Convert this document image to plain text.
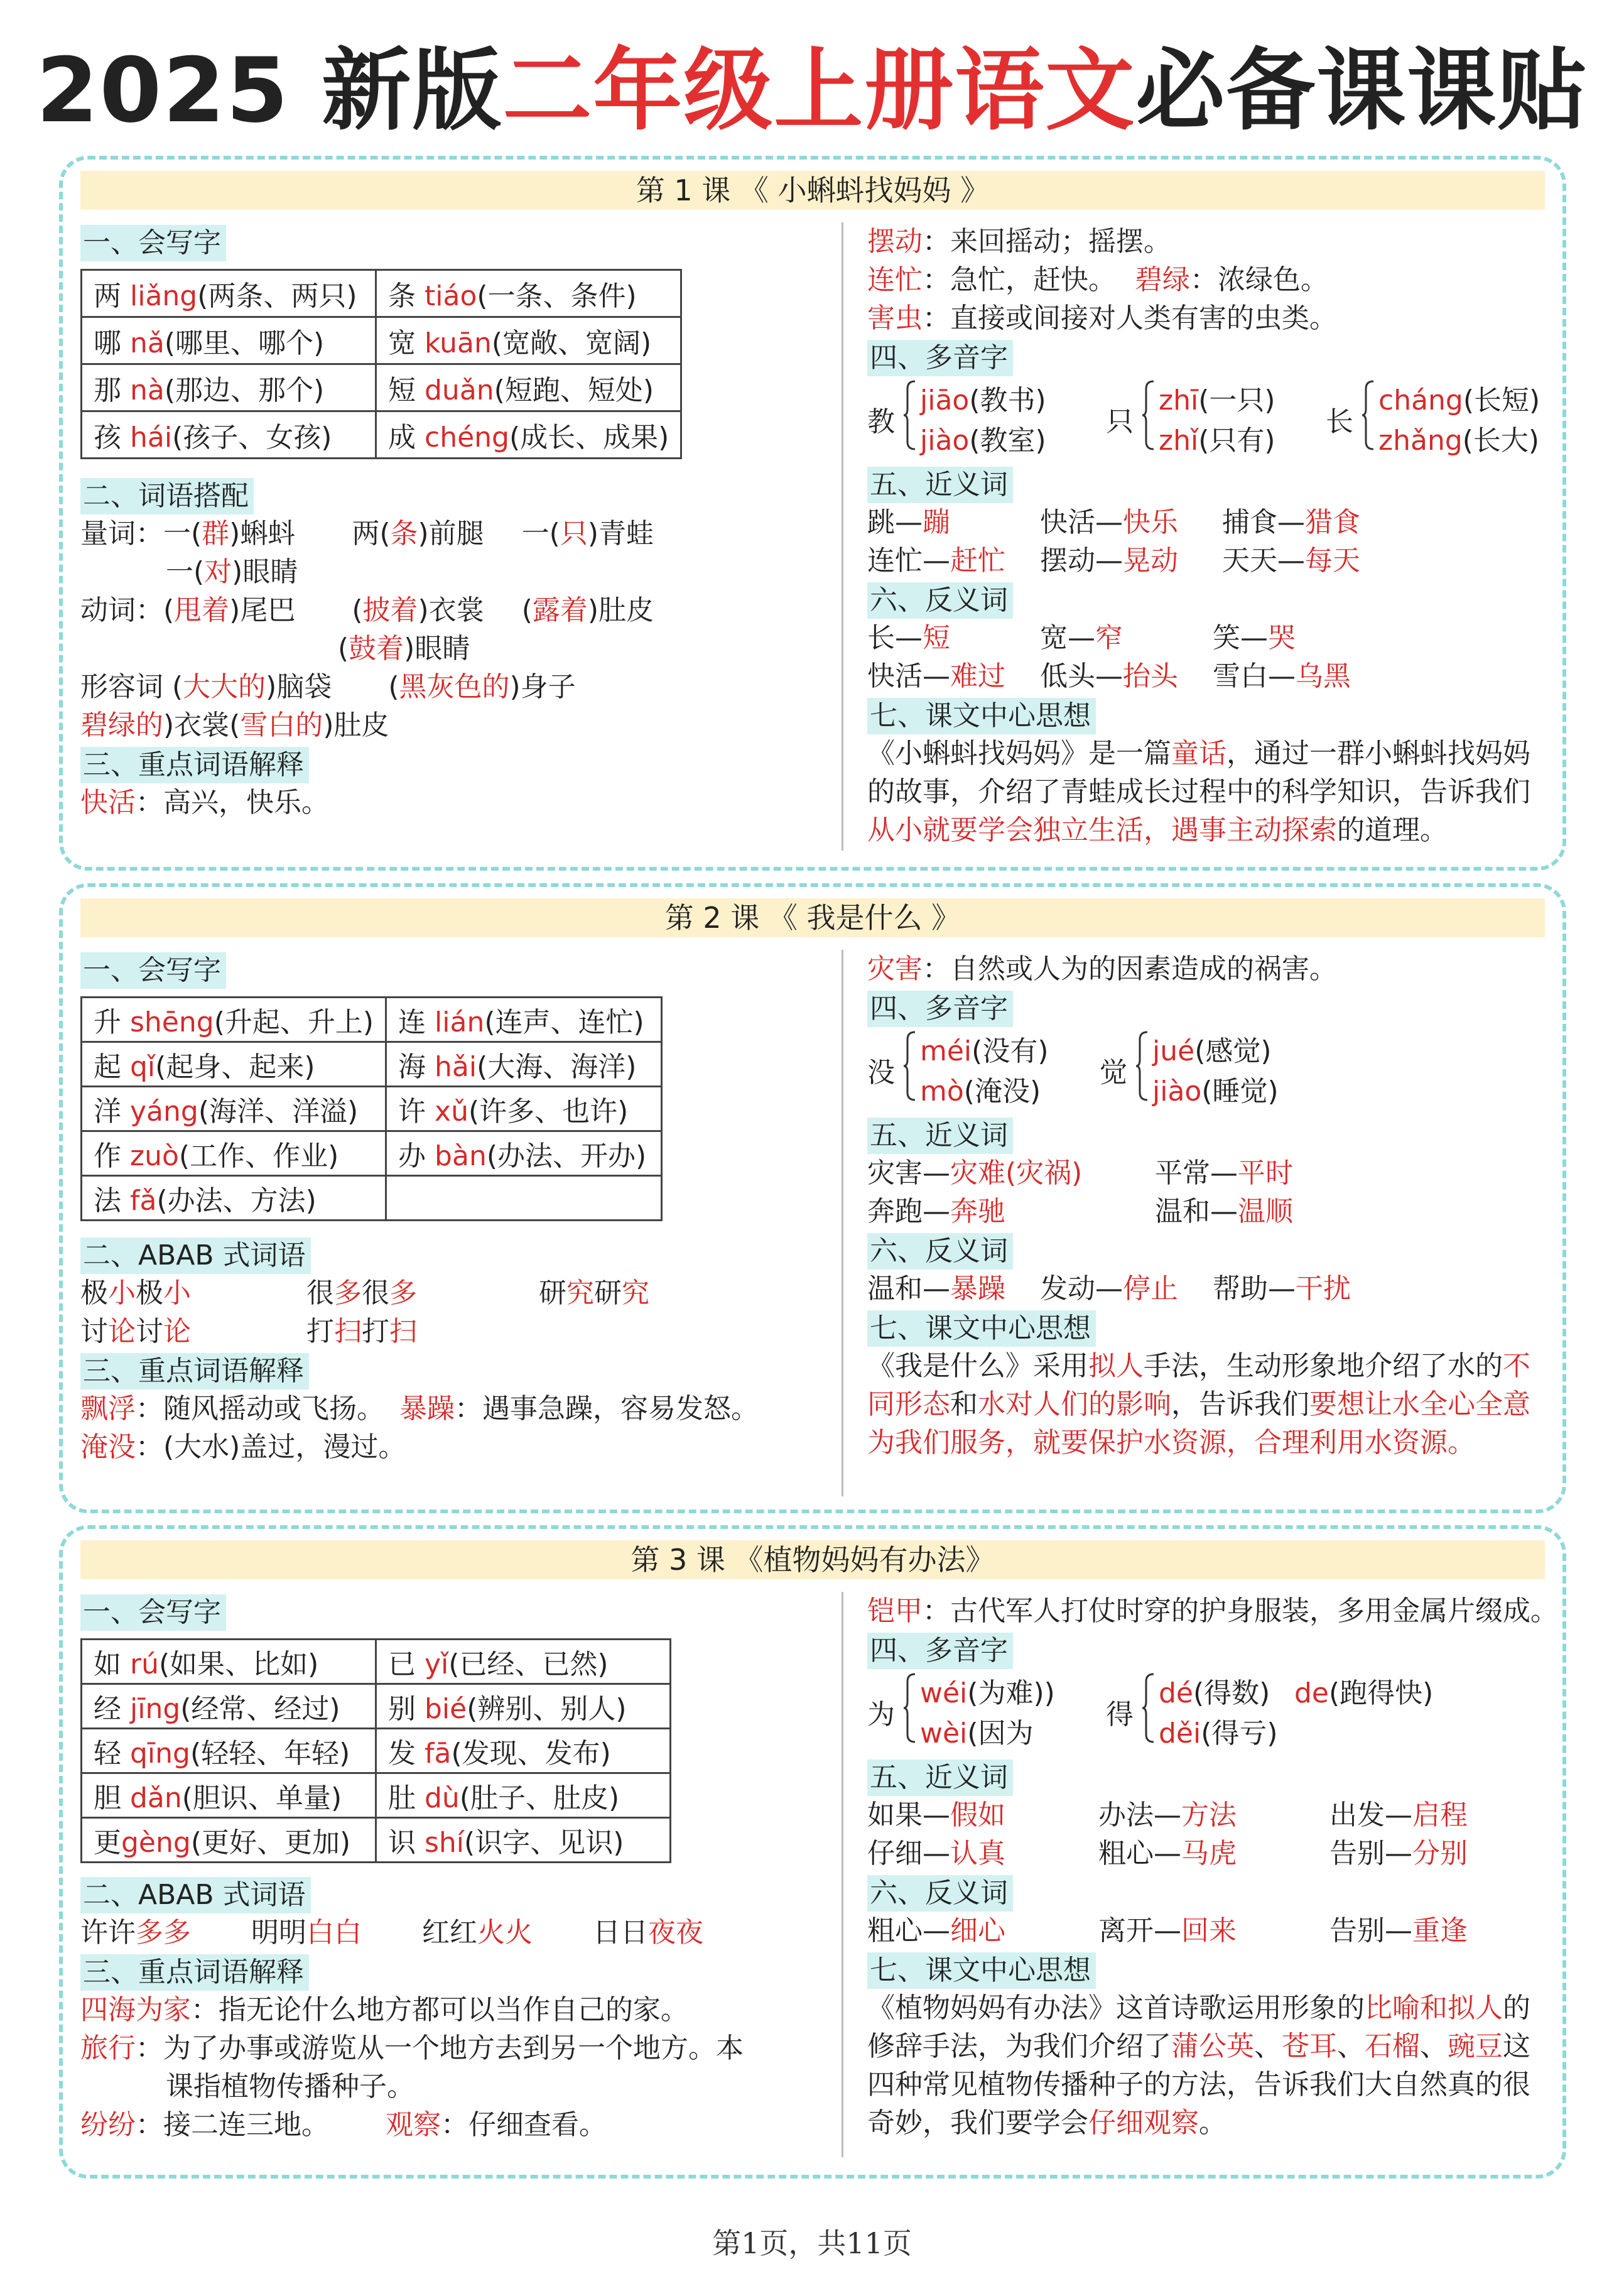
2025 新版二年级上册语文必备课课贴
第 1 课 《 小蝌蚪找妈妈 》
一、会写字
两 liǎng(两条、两只)	条 tiáo(一条、条件)
哪 nǎ(哪里、哪个)	宽 kuān(宽敞、宽阔)
那 nà(那边、那个)	短 duǎn(短跑、短处)
孩 hái(孩子、女孩)	成 chéng(成长、成果)
二、词语搭配
量词：一(群)蝌蚪 两(条)前腿 一(只)青蛙
一(对)眼睛
动词：(甩着)尾巴 (披着)衣裳 (露着)肚皮
(鼓着)眼睛
形容词 (大大的)脑袋 (黑灰色的)身子
碧绿的)衣裳(雪白的)肚皮
三、重点词语解释
快活：高兴，快乐。
摆动：来回摇动；摇摆。
连忙：急忙，赶快。 碧绿：浓绿色。
害虫：直接或间接对人类有害的虫类。
四、多音字
教
jiāo(教书)
jiào(教室)
只
zhī(一只)
zhǐ(只有)
长
cháng(长短)
zhǎng(长大)
五、近义词
跳—蹦	快活—快乐 捕食—猎食
连忙—赶忙 摆动—晃动 天天—每天
六、反义词
长—短	宽—窄	笑—哭
快活—难过 低头—抬头 雪白—乌黑
七、课文中心思想
《小蝌蚪找妈妈》是一篇童话，通过一群小蝌蚪找妈妈
的故事，介绍了青蛙成长过程中的科学知识，告诉我们
从小就要学会独立生活，遇事主动探索的道理。
第 2 课 《 我是什么 》
一、会写字
升 shēng(升起、升上)	连 lián(连声、连忙)
起 qǐ(起身、起来)	海 hǎi(大海、海洋)
洋 yáng(海洋、洋溢)	许 xǔ(许多、也许)
作 zuò(工作、作业)	办 bàn(办法、开办)
法 fǎ(办法、方法)	
二、ABAB 式词语
极小极小	很多很多	研究研究
讨论讨论	打扫打扫
三、重点词语解释
飘浮：随风摇动或飞扬。 暴躁：遇事急躁，容易发怒。
淹没：(大水)盖过，漫过。
灾害：自然或人为的因素造成的祸害。
四、多音字
没
méi(没有)
mò(淹没)
觉
jué(感觉)
jiào(睡觉)
五、近义词
灾害—灾难(灾祸)	平常—平时
奔跑—奔驰	温和—温顺
六、反义词
温和—暴躁 发动—停止 帮助—干扰
七、课文中心思想
《我是什么》采用拟人手法，生动形象地介绍了水的不
同形态和水对人们的影响，告诉我们要想让水全心全意
为我们服务，就要保护水资源，合理利用水资源。
第 3 课 《植物妈妈有办法》
一、会写字
如 rú(如果、比如)	已 yǐ(已经、已然)
经 jīng(经常、经过)	别 bié(辨别、别人)
轻 qīng(轻轻、年轻)	发 fā(发现、发布)
胆 dǎn(胆识、单量)	肚 dù(肚子、肚皮)
更gèng(更好、更加)	识 shí(识字、见识)
二、ABAB 式词语
许许多多 明明白白 红红火火 日日夜夜
三、重点词语解释
四海为家：指无论什么地方都可以当作自己的家。
旅行：为了办事或游览从一个地方去到另一个地方。本
课指植物传播种子。
纷纷：接二连三地。 观察：仔细查看。
铠甲：古代军人打仗时穿的护身服装，多用金属片缀成。
四、多音字
为
wéi(为难))
wèi(因为
得
dé(得数)
děi(得亏)
de(跑得快)
五、近义词
如果—假如	办法—方法	出发—启程
仔细—认真	粗心—马虎	告别—分别
六、反义词
粗心—细心	离开—回来	告别—重逢
七、课文中心思想
《植物妈妈有办法》这首诗歌运用形象的比喻和拟人的
修辞手法，为我们介绍了蒲公英、苍耳、石榴、豌豆这
四种常见植物传播种子的方法，告诉我们大自然真的很
奇妙，我们要学会仔细观察。
第1页，共11页
